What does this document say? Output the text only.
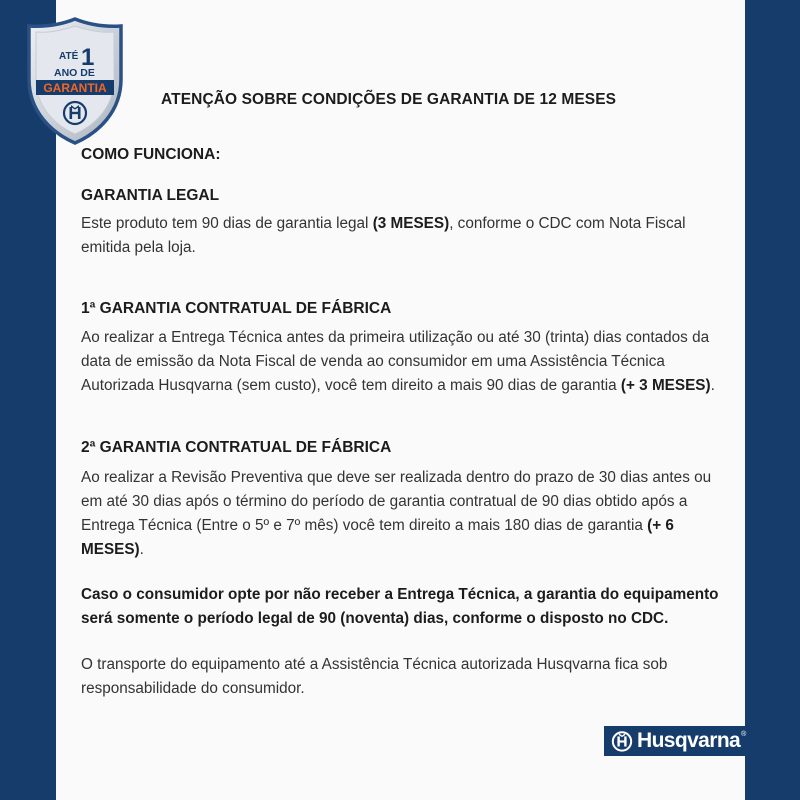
ATÉ 1
ANO DE
GARANTIA
ATENÇÃO SOBRE CONDIÇÕES DE GARANTIA DE 12 MESES

COMO FUNCIONA:

GARANTIA LEGAL

Este produto tem 90 dias de garantia legal (3 MESES), conforme o CDC com Nota Fiscal emitida pela loja.

1ª GARANTIA CONTRATUAL DE FÁBRICA

Ao realizar a Entrega Técnica antes da primeira utilização ou até 30 (trinta) dias contados da data de emissão da Nota Fiscal de venda ao consumidor em uma Assistência Técnica Autorizada Husqvarna (sem custo), você tem direito a mais 90 dias de garantia (+ 3 MESES).

2ª GARANTIA CONTRATUAL DE FÁBRICA

Ao realizar a Revisão Preventiva que deve ser realizada dentro do prazo de 30 dias antes ou em até 30 dias após o término do período de garantia contratual de 90 dias obtido após a Entrega Técnica (Entre o 5º e 7º mês) você tem direito a mais 180 dias de garantia (+ 6 MESES).

Caso o consumidor opte por não receber a Entrega Técnica, a garantia do equipamento será somente o período legal de 90 (noventa) dias, conforme o disposto no CDC.

O transporte do equipamento até a Assistência Técnica autorizada Husqvarna fica sob responsabilidade do consumidor.

Husqvarna ®
